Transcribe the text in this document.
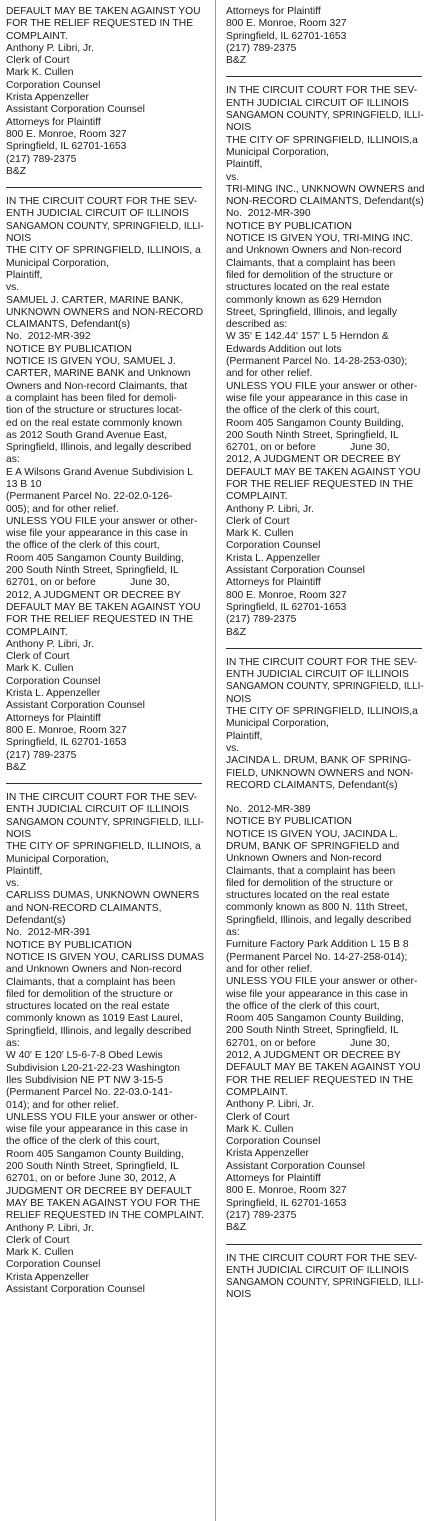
DEFAULT MAY BE TAKEN AGAINST YOU
FOR THE RELIEF REQUESTED IN THE
COMPLAINT.
Anthony P. Libri, Jr.
Clerk of Court
Mark K. Cullen
Corporation Counsel
Krista Appenzeller
Assistant Corporation Counsel
Attorneys for Plaintiff
800 E. Monroe, Room 327
Springfield, IL 62701-1653
(217) 789-2375
B&Z
IN THE CIRCUIT COURT FOR THE SEV-
ENTH JUDICIAL CIRCUIT OF ILLINOIS
SANGAMON COUNTY, SPRINGFIELD, ILLI-
NOIS
THE CITY OF SPRINGFIELD, ILLINOIS, a
Municipal Corporation,
Plaintiff,
vs.
SAMUEL J. CARTER, MARINE BANK,
UNKNOWN OWNERS and NON-RECORD
CLAIMANTS, Defendant(s)
No.  2012-MR-392
NOTICE BY PUBLICATION
NOTICE IS GIVEN YOU, SAMUEL J.
CARTER, MARINE BANK and Unknown
Owners and Non-record Claimants, that
a complaint has been filed for demoli-
tion of the structure or structures locat-
ed on the real estate commonly known
as 2012 South Grand Avenue East,
Springfield, Illinois, and legally described
as:
E A Wilsons Grand Avenue Subdivision L
13 B 10
(Permanent Parcel No. 22-02.0-126-
005); and for other relief.
UNLESS YOU FILE your answer or other-
wise file your appearance in this case in
the office of the clerk of this court,
Room 405 Sangamon County Building,
200 South Ninth Street, Springfield, IL
62701, on or before            June 30,
2012, A JUDGMENT OR DECREE BY
DEFAULT MAY BE TAKEN AGAINST YOU
FOR THE RELIEF REQUESTED IN THE
COMPLAINT.
Anthony P. Libri, Jr.
Clerk of Court
Mark K. Cullen
Corporation Counsel
Krista L. Appenzeller
Assistant Corporation Counsel
Attorneys for Plaintiff
800 E. Monroe, Room 327
Springfield, IL 62701-1653
(217) 789-2375
B&Z
IN THE CIRCUIT COURT FOR THE SEV-
ENTH JUDICIAL CIRCUIT OF ILLINOIS
SANGAMON COUNTY, SPRINGFIELD, ILLI-
NOIS
THE CITY OF SPRINGFIELD, ILLINOIS, a
Municipal Corporation,
Plaintiff,
vs.
CARLISS DUMAS, UNKNOWN OWNERS
and NON-RECORD CLAIMANTS,
Defendant(s)
No.  2012-MR-391
NOTICE BY PUBLICATION
NOTICE IS GIVEN YOU, CARLISS DUMAS
and Unknown Owners and Non-record
Claimants, that a complaint has been
filed for demolition of the structure or
structures located on the real estate
commonly known as 1019 East Laurel,
Springfield, Illinois, and legally described
as:
W 40' E 120' L5-6-7-8 Obed Lewis
Subdivision L20-21-22-23 Washington
Iles Subdivision NE PT NW 3-15-5
(Permanent Parcel No. 22-03.0-141-
014); and for other relief.
UNLESS YOU FILE your answer or other-
wise file your appearance in this case in
the office of the clerk of this court,
Room 405 Sangamon County Building,
200 South Ninth Street, Springfield, IL
62701, on or before June 30, 2012, A
JUDGMENT OR DECREE BY DEFAULT
MAY BE TAKEN AGAINST YOU FOR THE
RELIEF REQUESTED IN THE COMPLAINT.
Anthony P. Libri, Jr.
Clerk of Court
Mark K. Cullen
Corporation Counsel
Krista Appenzeller
Assistant Corporation Counsel
Attorneys for Plaintiff
800 E. Monroe, Room 327
Springfield, IL 62701-1653
(217) 789-2375
B&Z
IN THE CIRCUIT COURT FOR THE SEV-
ENTH JUDICIAL CIRCUIT OF ILLINOIS
SANGAMON COUNTY, SPRINGFIELD, ILLI-
NOIS
THE CITY OF SPRINGFIELD, ILLINOIS,a
Municipal Corporation,
Plaintiff,
vs.
TRI-MING INC., UNKNOWN OWNERS and
NON-RECORD CLAIMANTS, Defendant(s)
No.  2012-MR-390
NOTICE BY PUBLICATION
NOTICE IS GIVEN YOU, TRI-MING INC.
and Unknown Owners and Non-record
Claimants, that a complaint has been
filed for demolition of the structure or
structures located on the real estate
commonly known as 629 Herndon
Street, Springfield, Illinois, and legally
described as:
W 35' E 142.44' 157' L 5 Herndon &
Edwards Addition out lots
(Permanent Parcel No. 14-28-253-030);
and for other relief.
UNLESS YOU FILE your answer or other-
wise file your appearance in this case in
the office of the clerk of this court,
Room 405 Sangamon County Building,
200 South Ninth Street, Springfield, IL
62701, on or before            June 30,
2012, A JUDGMENT OR DECREE BY
DEFAULT MAY BE TAKEN AGAINST YOU
FOR THE RELIEF REQUESTED IN THE
COMPLAINT.
Anthony P. Libri, Jr.
Clerk of Court
Mark K. Cullen
Corporation Counsel
Krista L. Appenzeller
Assistant Corporation Counsel
Attorneys for Plaintiff
800 E. Monroe, Room 327
Springfield, IL 62701-1653
(217) 789-2375
B&Z
IN THE CIRCUIT COURT FOR THE SEV-
ENTH JUDICIAL CIRCUIT OF ILLINOIS
SANGAMON COUNTY, SPRINGFIELD, ILLI-
NOIS
THE CITY OF SPRINGFIELD, ILLINOIS,a
Municipal Corporation,
Plaintiff,
vs.
JACINDA L. DRUM, BANK OF SPRING-
FIELD, UNKNOWN OWNERS and NON-
RECORD CLAIMANTS, Defendant(s)
No.  2012-MR-389
NOTICE BY PUBLICATION
NOTICE IS GIVEN YOU, JACINDA L.
DRUM, BANK OF SPRINGFIELD and
Unknown Owners and Non-record
Claimants, that a complaint has been
filed for demolition of the structure or
structures located on the real estate
commonly known as 800 N. 11th Street,
Springfield, Illinois, and legally described
as:
Furniture Factory Park Addition L 15 B 8
(Permanent Parcel No. 14-27-258-014);
and for other relief.
UNLESS YOU FILE your answer or other-
wise file your appearance in this case in
the office of the clerk of this court,
Room 405 Sangamon County Building,
200 South Ninth Street, Springfield, IL
62701, on or before            June 30,
2012, A JUDGMENT OR DECREE BY
DEFAULT MAY BE TAKEN AGAINST YOU
FOR THE RELIEF REQUESTED IN THE
COMPLAINT.
Anthony P. Libri, Jr.
Clerk of Court
Mark K. Cullen
Corporation Counsel
Krista Appenzeller
Assistant Corporation Counsel
Attorneys for Plaintiff
800 E. Monroe, Room 327
Springfield, IL 62701-1653
(217) 789-2375
B&Z
IN THE CIRCUIT COURT FOR THE SEV-
ENTH JUDICIAL CIRCUIT OF ILLINOIS
SANGAMON COUNTY, SPRINGFIELD, ILLI-
NOIS
